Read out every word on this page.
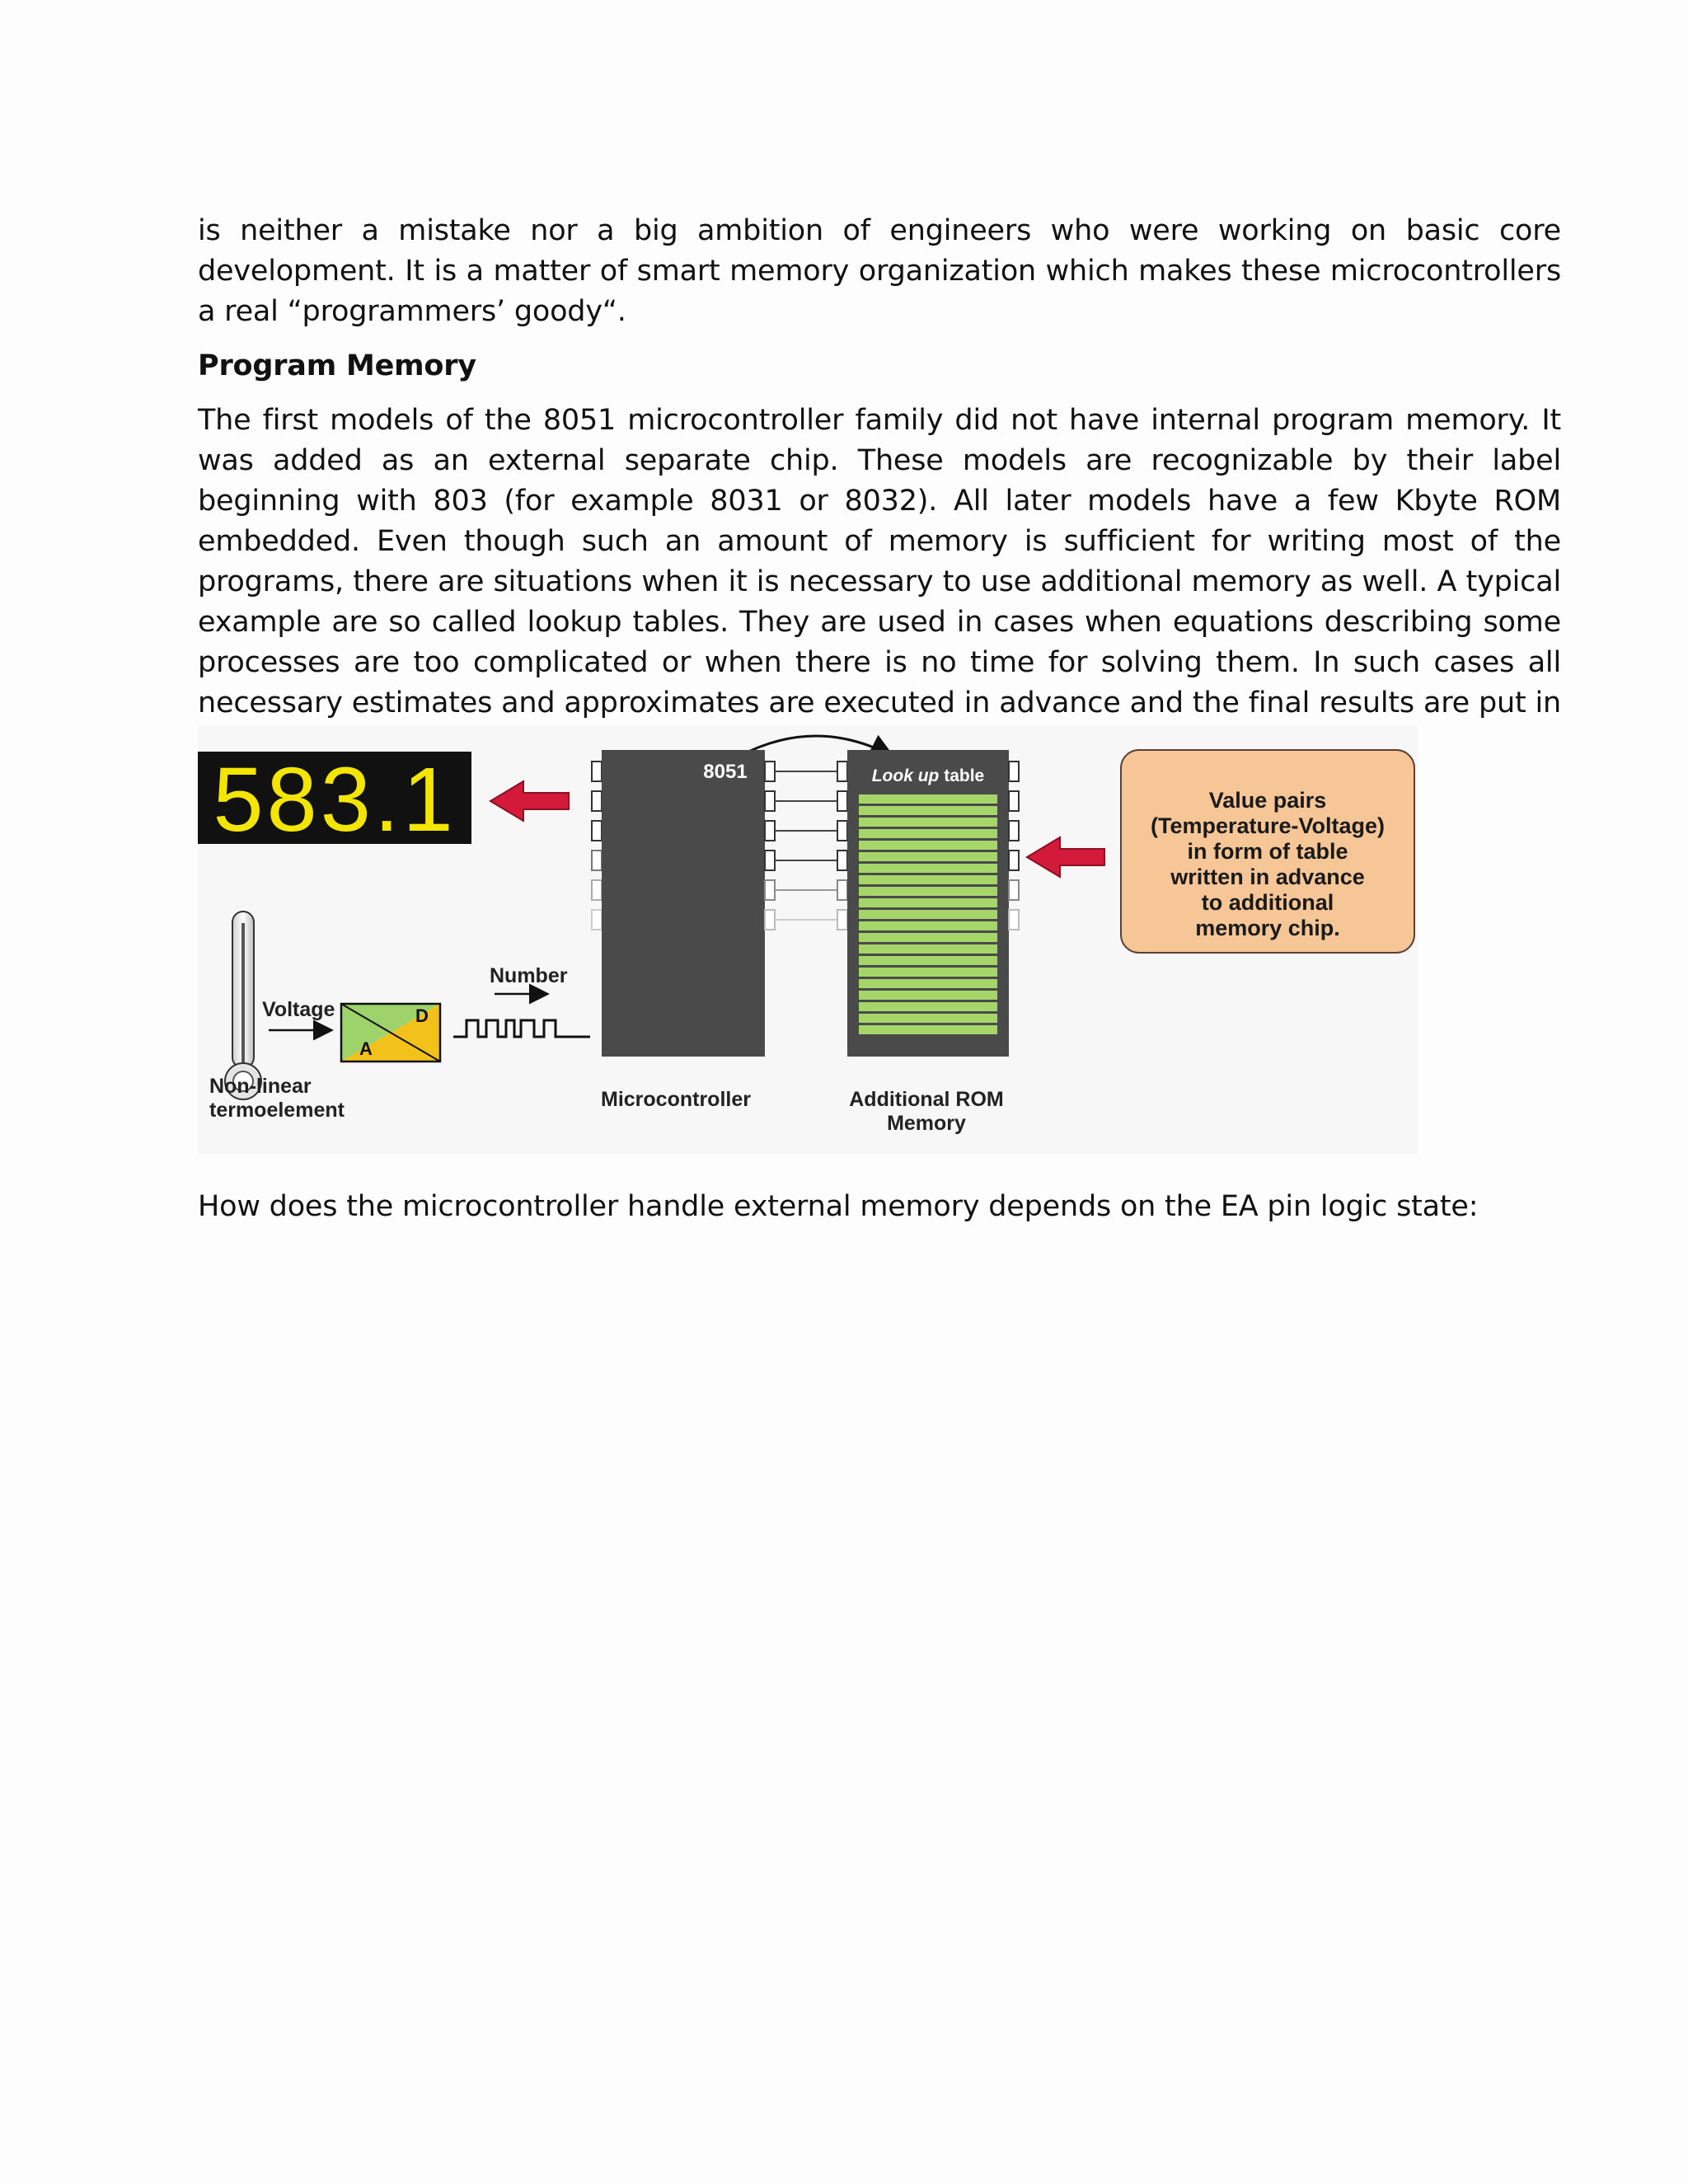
is neither a mistake nor a big ambition of engineers who were working on basic core development. It is a matter of smart memory organization which makes these microcontrollers a real “programmers’ goody“.
Program Memory
The first models of the 8051 microcontroller family did not have internal program memory. It was added as an external separate chip. These models are recognizable by their label beginning with 803 (for example 8031 or 8032). All later models have a few Kbyte ROM embedded. Even though such an amount of memory is sufficient for writing most of the programs, there are situations when it is necessary to use additional memory as well. A typical example are so called lookup tables. They are used in cases when equations describing some processes are too complicated or when there is no time for solving them. In such cases all necessary estimates and approximates are executed in advance and the final results are put in
583.1	8051	Look up table
Value pairs
(Temperature-Voltage)
in form of table
written in advance
to additional
memory chip.
Voltage
A
D
Number
Non-linear
termoelement	Microcontroller	Additional ROM
Memory
How does the microcontroller handle external memory depends on the EA pin logic state:
